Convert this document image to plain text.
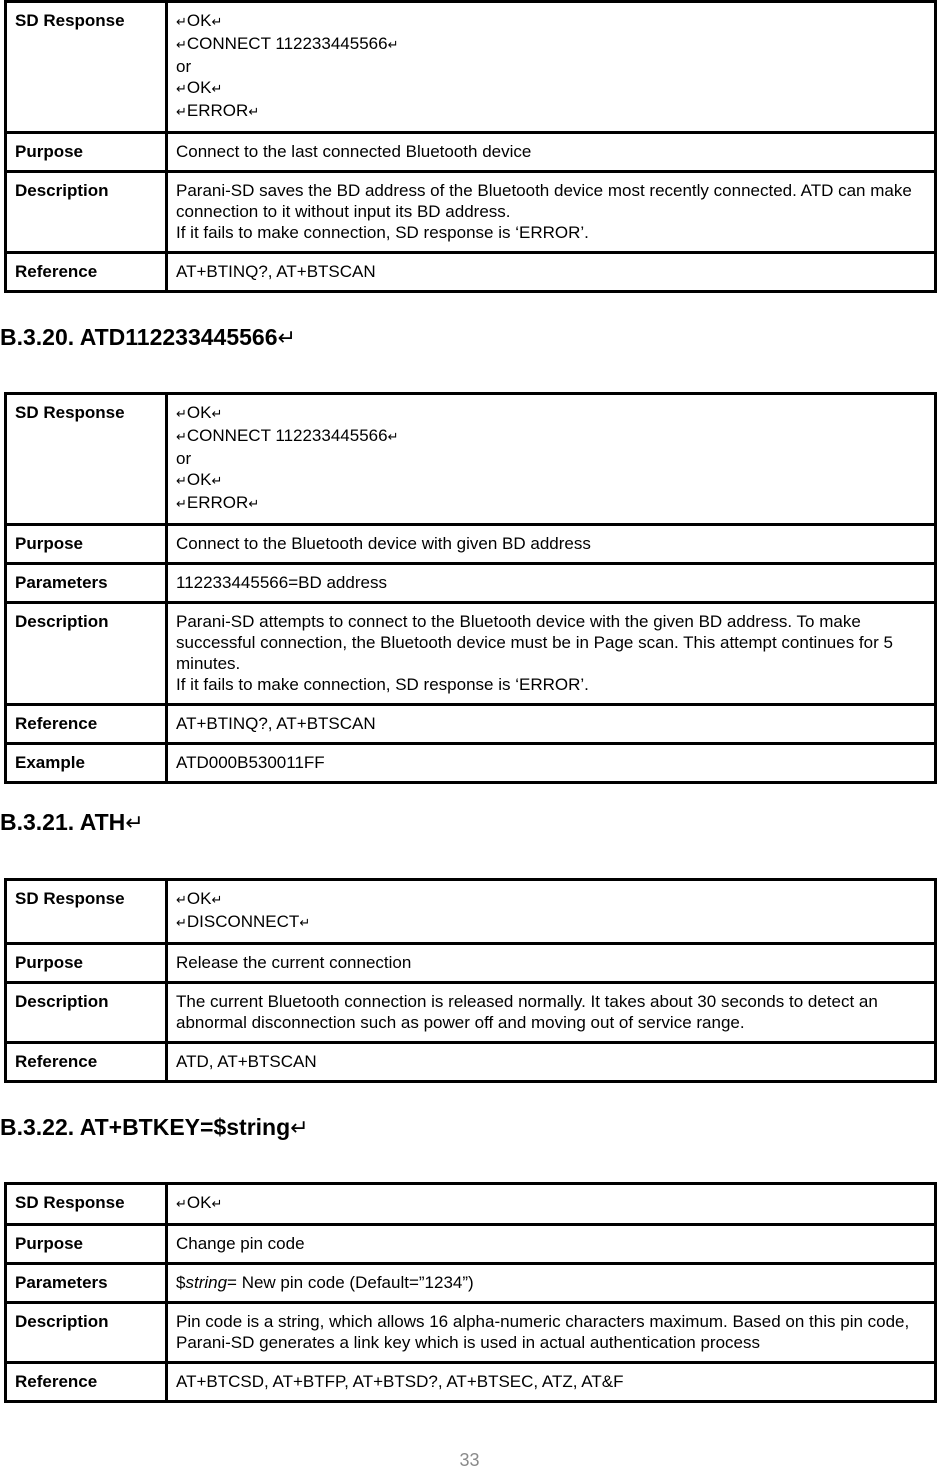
SD Response	↵OK↵
↵CONNECT 112233445566↵
or
↵OK↵
↵ERROR↵

Purpose	Connect to the last connected Bluetooth device
Description	Parani-SD saves the BD address of the Bluetooth device most recently connected. ATD can make connection to it without input its BD address.
If it fails to make connection, SD response is ‘ERROR’.

Reference	AT+BTINQ?, AT+BTSCAN
B.3.20. ATD112233445566↵
SD Response	↵OK↵
↵CONNECT 112233445566↵
or
↵OK↵
↵ERROR↵

Purpose	Connect to the Bluetooth device with given BD address
Parameters	112233445566=BD address
Description	Parani-SD attempts to connect to the Bluetooth device with the given BD address. To make successful connection, the Bluetooth device must be in Page scan. This attempt continues for 5 minutes.
If it fails to make connection, SD response is ‘ERROR’.

Reference	AT+BTINQ?, AT+BTSCAN
Example	ATD000B530011FF
B.3.21. ATH↵
SD Response	↵OK↵
↵DISCONNECT↵

Purpose	Release the current connection
Description	The current Bluetooth connection is released normally. It takes about 30 seconds to detect an abnormal disconnection such as power off and moving out of service range.
Reference	ATD, AT+BTSCAN
B.3.22. AT+BTKEY=$string↵
SD Response	↵OK↵

Purpose	Change pin code
Parameters	$string= New pin code (Default=”1234”)
Description	Pin code is a string, which allows 16 alpha-numeric characters maximum. Based on this pin code, Parani-SD generates a link key which is used in actual authentication process
Reference	AT+BTCSD, AT+BTFP, AT+BTSD?, AT+BTSEC, ATZ, AT&F
33
